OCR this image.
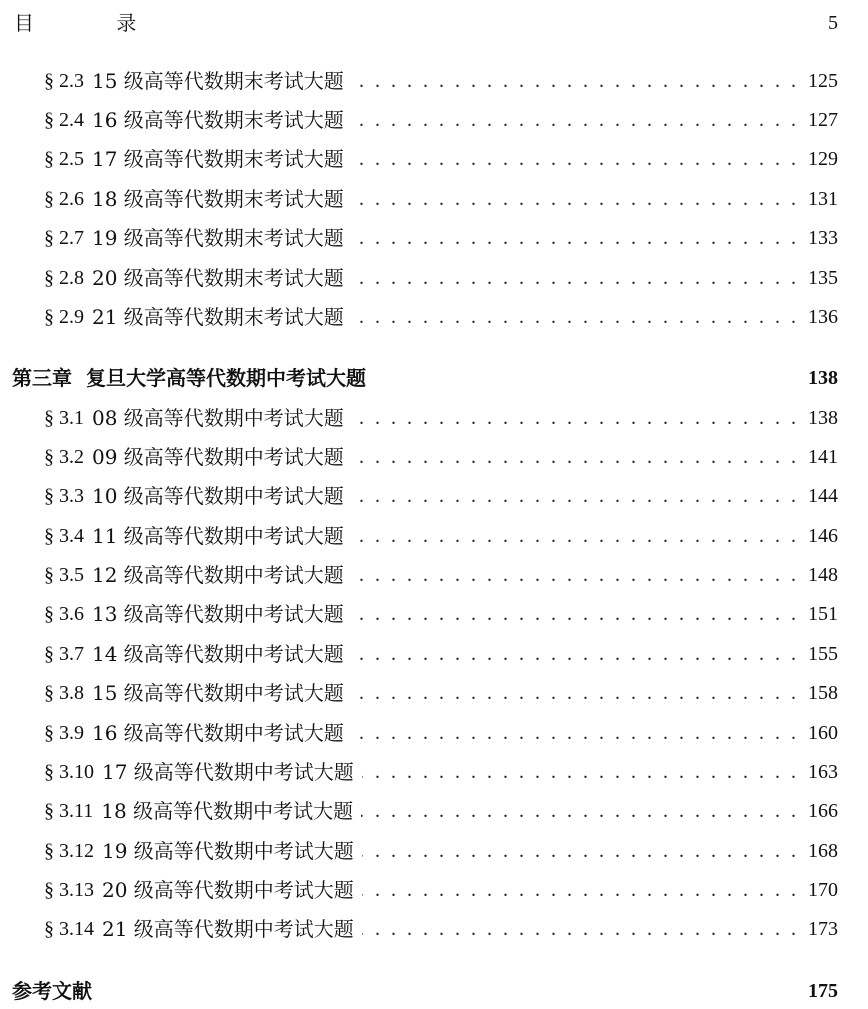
目 录	5
§ 2.3 15 级高等代数期末考试大题 . . .	125
§ 2.4 16 级高等代数期末考试大题 . . .	127
§ 2.5 17 级高等代数期末考试大题 . . .	129
§ 2.6 18 级高等代数期末考试大题 . . .	131
§ 2.7 19 级高等代数期末考试大题 . . .	133
§ 2.8 20 级高等代数期末考试大题 . . .	135
§ 2.9 21 级高等代数期末考试大题 . . .	136
第三章 复旦大学高等代数期中考试大题	138
§ 3.1 08 级高等代数期中考试大题 . . .	138
§ 3.2 09 级高等代数期中考试大题 . . .	141
§ 3.3 10 级高等代数期中考试大题 . . .	144
§ 3.4 11 级高等代数期中考试大题 . . .	146
§ 3.5 12 级高等代数期中考试大题 . . .	148
§ 3.6 13 级高等代数期中考试大题 . . .	151
§ 3.7 14 级高等代数期中考试大题 . . .	155
§ 3.8 15 级高等代数期中考试大题 . . .	158
§ 3.9 16 级高等代数期中考试大题 . . .	160
§ 3.10 17 级高等代数期中考试大题 . . .	163
§ 3.11 18 级高等代数期中考试大题 . . .	166
§ 3.12 19 级高等代数期中考试大题 . . .	168
§ 3.13 20 级高等代数期中考试大题 . . .	170
§ 3.14 21 级高等代数期中考试大题 . . .	173
参考文献	175
